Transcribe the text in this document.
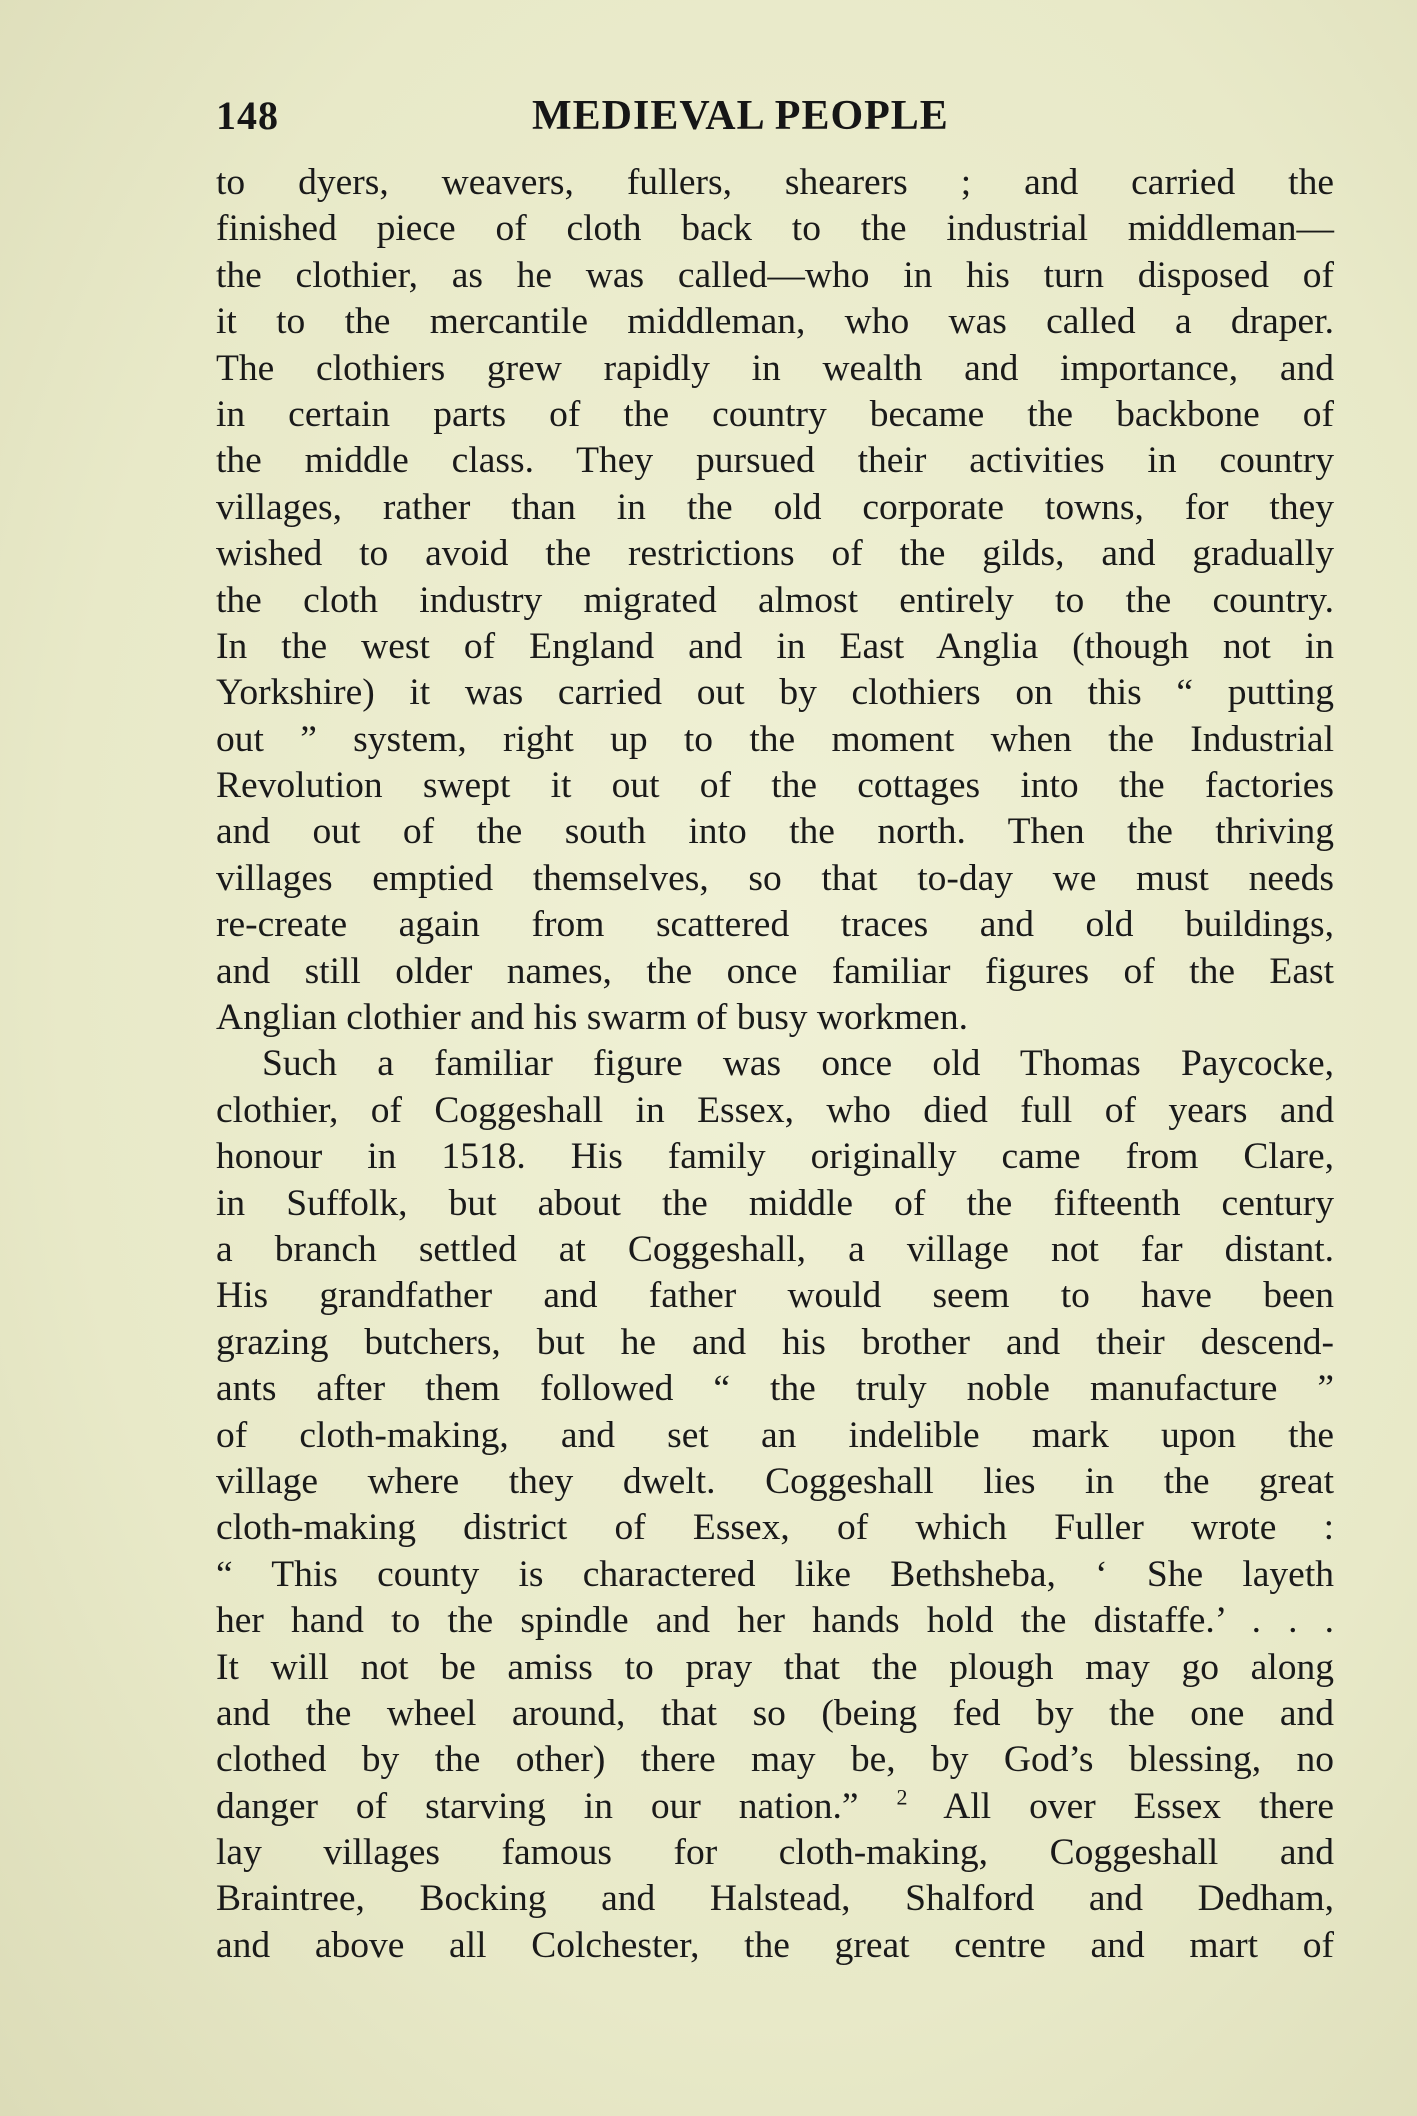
148	MEDIEVAL PEOPLE
to dyers, weavers, fullers, shearers ; and carried the
finished piece of cloth back to the industrial middleman—
the clothier, as he was called—who in his turn disposed of
it to the mercantile middleman, who was called a draper.
The clothiers grew rapidly in wealth and importance, and
in certain parts of the country became the backbone of
the middle class. They pursued their activities in country
villages, rather than in the old corporate towns, for they
wished to avoid the restrictions of the gilds, and gradually
the cloth industry migrated almost entirely to the country.
In the west of England and in East Anglia (though not in
Yorkshire) it was carried out by clothiers on this “ putting
out ” system, right up to the moment when the Industrial
Revolution swept it out of the cottages into the factories
and out of the south into the north. Then the thriving
villages emptied themselves, so that to-day we must needs
re-create again from scattered traces and old buildings,
and still older names, the once familiar figures of the East
Anglian clothier and his swarm of busy workmen.
Such a familiar figure was once old Thomas Paycocke,
clothier, of Coggeshall in Essex, who died full of years and
honour in 1518. His family originally came from Clare,
in Suffolk, but about the middle of the fifteenth century
a branch settled at Coggeshall, a village not far distant.
His grandfather and father would seem to have been
grazing butchers, but he and his brother and their descend-
ants after them followed “ the truly noble manufacture ”
of cloth-making, and set an indelible mark upon the
village where they dwelt. Coggeshall lies in the great
cloth-making district of Essex, of which Fuller wrote :
“ This county is charactered like Bethsheba, ‘ She layeth
her hand to the spindle and her hands hold the distaffe.’ . . .
It will not be amiss to pray that the plough may go along
and the wheel around, that so (being fed by the one and
clothed by the other) there may be, by God’s blessing, no
danger of starving in our nation.” $^2$ All over Essex there
lay villages famous for cloth-making, Coggeshall and
Braintree, Bocking and Halstead, Shalford and Dedham,
and above all Colchester, the great centre and mart of
